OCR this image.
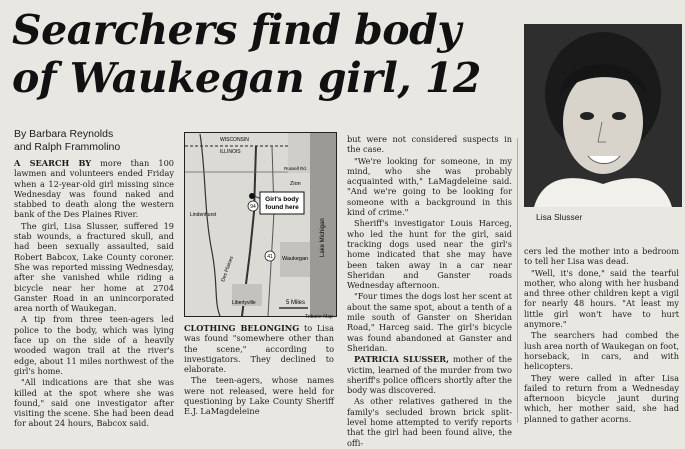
Searchers find body
of Waukegan girl, 12
By Barbara Reynolds
and Ralph Frammolino

A SEARCH BY more than 100 lawmen and volunteers ended Friday when a 12-year-old girl missing since Wednesday was found naked and stabbed to death along the western bank of the Des Plaines River.

The girl, Lisa Slusser, suffered 19 stab wounds, a fractured skull, and had been sexually assaulted, said Robert Babcox, Lake County coroner. She was reported missing Wednesday, after she vanished while riding a bicycle near her home at 2704 Ganster Road in an unincorporated area north of Waukegan.

A tip from three teen-agers led police to the body, which was lying face up on the side of a heavily wooded wagon trail at the river's edge, about 11 miles northwest of the girl's home.

"All indications are that she was killed at the spot where she was found," said one investigator after visiting the scene. She had been dead for about 24 hours, Babcox said.

Girl's body
found here
WISCONSIN
ILLINOIS
Russell Rd.
Zion
Lindenhurst
94
41 Waukegan
Des Plaines
Lake Michigan
Libertyville	5 Miles
Tribune Map

CLOTHING BELONGING to Lisa was found "somewhere other than the scene," according to investigators. They declined to elaborate.

The teen-agers, whose names were not released, were held for questioning by Lake County Sheriff E.J. LaMagdeleine

but were not considered suspects in the case.

"We're looking for someone, in my mind, who she was probably acquainted with," LaMagdeleine said. "And we're going to be looking for someone with a background in this kind of crime."

Sheriff's investigator Louis Harceg, who led the hunt for the girl, said tracking dogs used near the girl's home indicated that she may have been taken away in a car near Sheridan and Ganster roads Wednesday afternoon.

"Four times the dogs lost her scent at about the same spot, about a tenth of a mile south of Ganster on Sheridan Road," Harceg said. The girl's bicycle was found abandoned at Ganster and Sheridan.

PATRICIA SLUSSER, mother of the victim, learned of the murder from two sheriff's police officers shortly after the body was discovered.

As other relatives gathered in the family's secluded brown brick split-level home attempted to verify reports that the girl had been found alive, the offi-

Lisa Slusser

cers led the mother into a bedroom to tell her Lisa was dead.

"Well, it's done," said the tearful mother, who along with her husband and three other children kept a vigil for nearly 48 hours. "At least my little girl won't have to hurt anymore."

The searchers had combed the lush area north of Waukegan on foot, horseback, in cars, and with helicopters.

They were called in after Lisa failed to return from a Wednesday afternoon bicycle jaunt during which, her mother said, she had planned to gather acorns.
